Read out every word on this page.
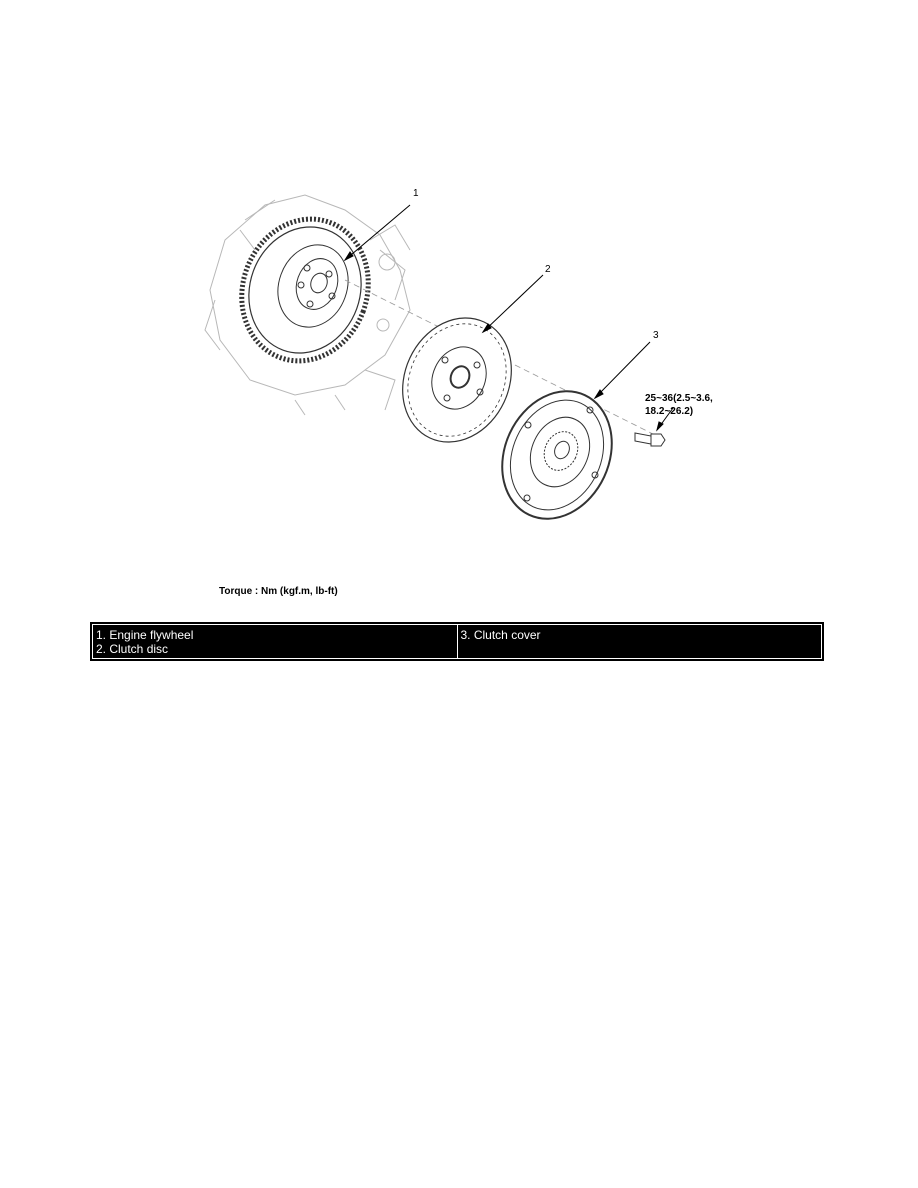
1
2
3
25~36(2.5~3.6,
18.2~26.2)
Torque : Nm (kgf.m, lb-ft)
1. Engine flywheel
2. Clutch disc
3. Clutch cover
